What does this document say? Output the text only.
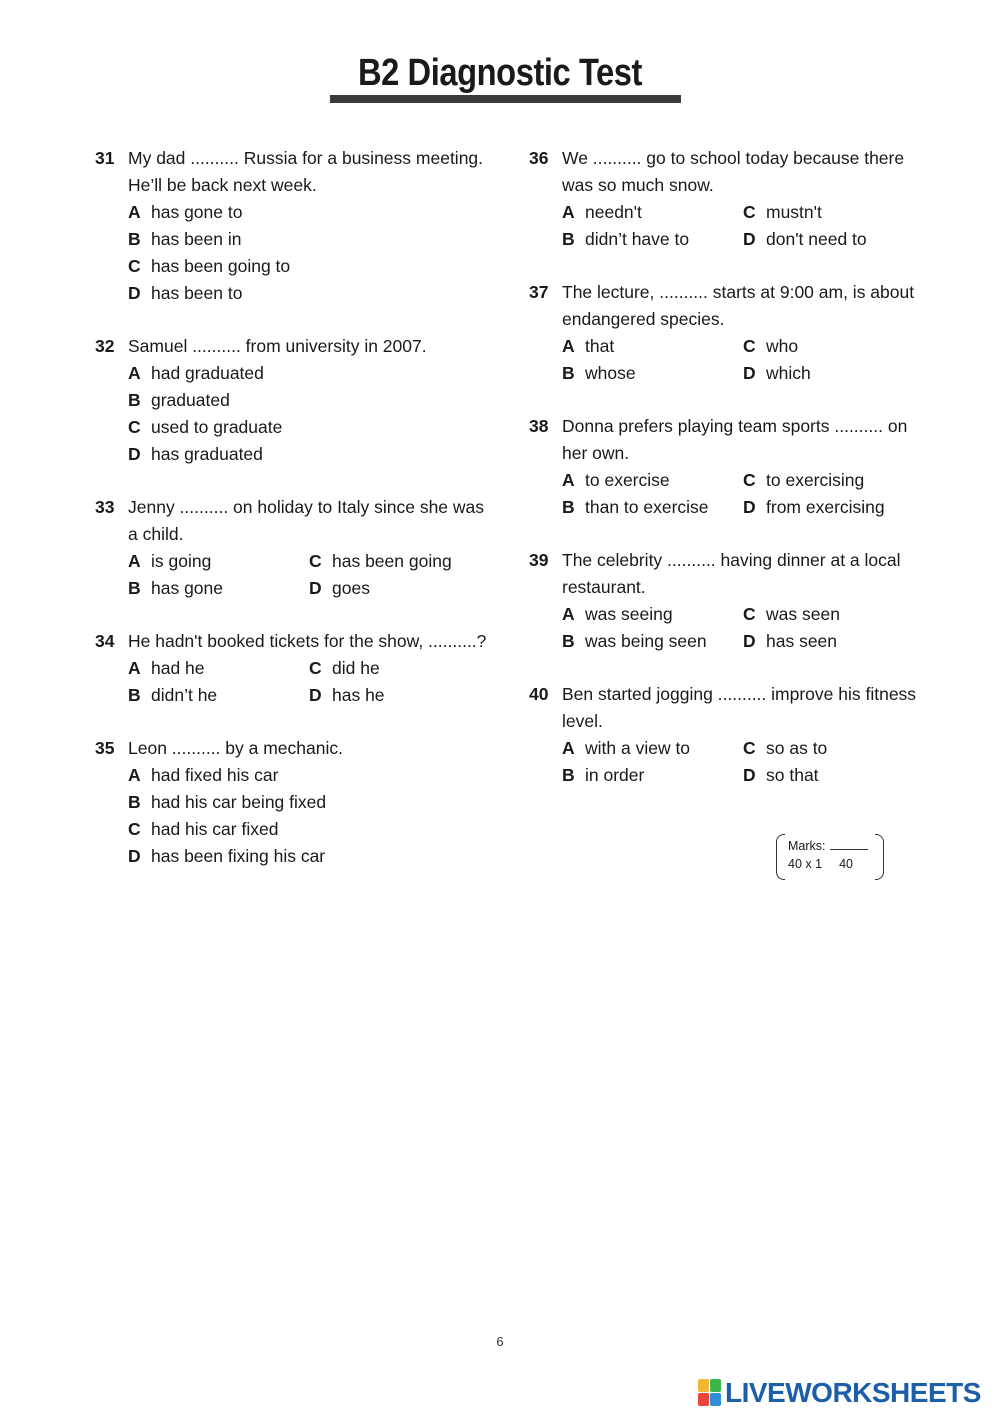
B2 Diagnostic Test
31 My dad .......... Russia for a business meeting. He’ll be back next week.
A has gone to
B has been in
C has been going to
D has been to
32 Samuel .......... from university in 2007.
A had graduated
B graduated
C used to graduate
D has graduated
33 Jenny .......... on holiday to Italy since she was a child.
A is going	C has been going
B has gone	D goes
34 He hadn't booked tickets for the show, ..........?
A had he	C did he
B didn’t he	D has he
35 Leon .......... by a mechanic.
A had fixed his car
B had his car being fixed
C had his car fixed
D has been fixing his car
36 We .......... go to school today because there was so much snow.
A needn't	C mustn't
B didn’t have to	D don't need to
37 The lecture, .......... starts at 9:00 am, is about endangered species.
A that	C who
B whose	D which
38 Donna prefers playing team sports .......... on her own.
A to exercise	C to exercising
B than to exercise D from exercising
39 The celebrity .......... having dinner at a local restaurant.
A was seeing	C was seen
B was being seen D has seen
40 Ben started jogging .......... improve his fitness level.
A with a view to	C so as to
B in order	D so that
Marks:
40 x 1 40
6
LIVEWORKSHEETS
